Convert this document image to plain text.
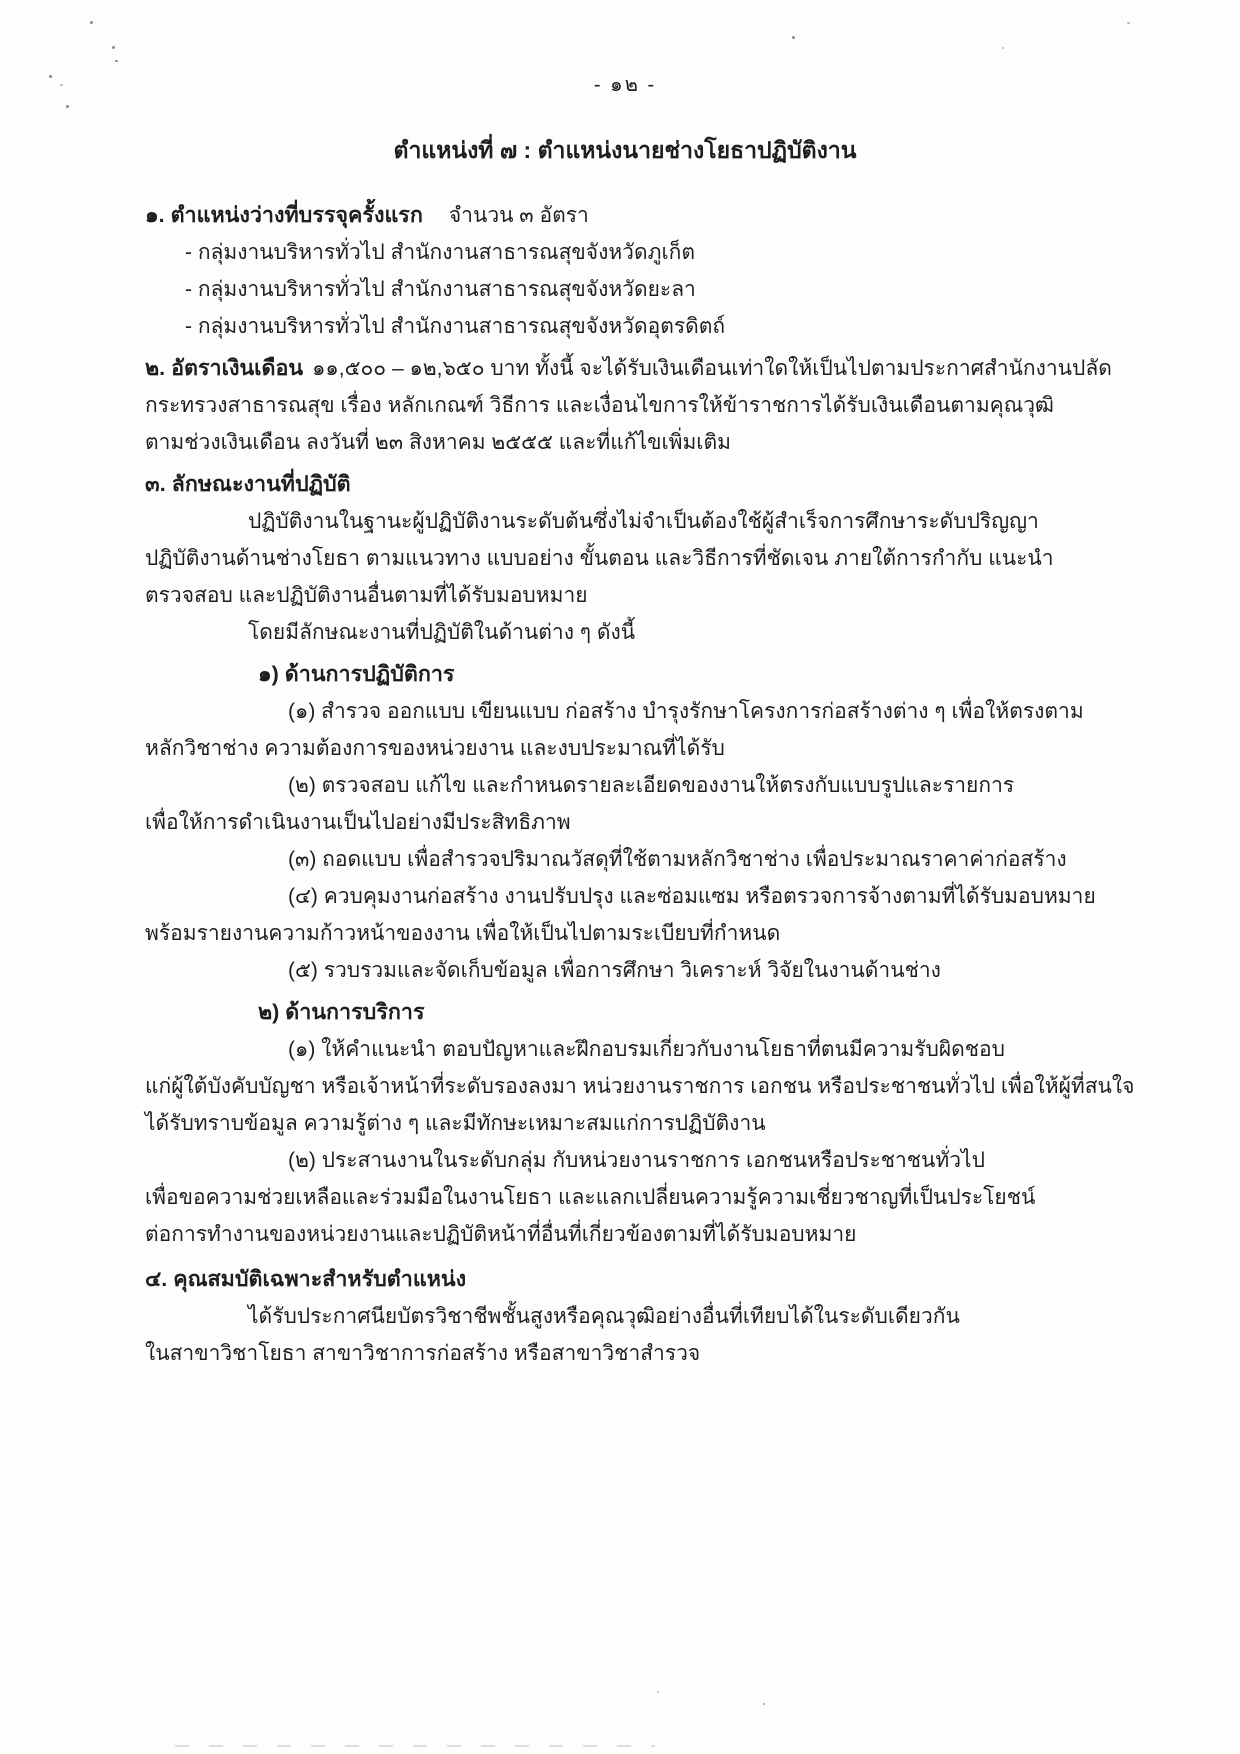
- ๑๒ -
ตำแหน่งที่ ๗ : ตำแหน่งนายช่างโยธาปฏิบัติงาน
๑. ตำแหน่งว่างที่บรรจุครั้งแรก จำนวน ๓ อัตรา
- กลุ่มงานบริหารทั่วไป สำนักงานสาธารณสุขจังหวัดภูเก็ต
- กลุ่มงานบริหารทั่วไป สำนักงานสาธารณสุขจังหวัดยะลา
- กลุ่มงานบริหารทั่วไป สำนักงานสาธารณสุขจังหวัดอุตรดิตถ์
๒. อัตราเงินเดือน ๑๑,๕๐๐ – ๑๒,๖๕๐ บาท ทั้งนี้ จะได้รับเงินเดือนเท่าใดให้เป็นไปตามประกาศสำนักงานปลัด
กระทรวงสาธารณสุข เรื่อง หลักเกณฑ์ วิธีการ และเงื่อนไขการให้ข้าราชการได้รับเงินเดือนตามคุณวุฒิ
ตามช่วงเงินเดือน ลงวันที่ ๒๓ สิงหาคม ๒๕๕๕ และที่แก้ไขเพิ่มเติม
๓. ลักษณะงานที่ปฏิบัติ
ปฏิบัติงานในฐานะผู้ปฏิบัติงานระดับต้นซึ่งไม่จำเป็นต้องใช้ผู้สำเร็จการศึกษาระดับปริญญา
ปฏิบัติงานด้านช่างโยธา ตามแนวทาง แบบอย่าง ขั้นตอน และวิธีการที่ชัดเจน ภายใต้การกำกับ แนะนำ
ตรวจสอบ และปฏิบัติงานอื่นตามที่ได้รับมอบหมาย
โดยมีลักษณะงานที่ปฏิบัติในด้านต่าง ๆ ดังนี้
๑) ด้านการปฏิบัติการ
(๑) สำรวจ ออกแบบ เขียนแบบ ก่อสร้าง บำรุงรักษาโครงการก่อสร้างต่าง ๆ เพื่อให้ตรงตาม
หลักวิชาช่าง ความต้องการของหน่วยงาน และงบประมาณที่ได้รับ
(๒) ตรวจสอบ แก้ไข และกำหนดรายละเอียดของงานให้ตรงกับแบบรูปและรายการ
เพื่อให้การดำเนินงานเป็นไปอย่างมีประสิทธิภาพ
(๓) ถอดแบบ เพื่อสำรวจปริมาณวัสดุที่ใช้ตามหลักวิชาช่าง เพื่อประมาณราคาค่าก่อสร้าง
(๔) ควบคุมงานก่อสร้าง งานปรับปรุง และซ่อมแซม หรือตรวจการจ้างตามที่ได้รับมอบหมาย
พร้อมรายงานความก้าวหน้าของงาน เพื่อให้เป็นไปตามระเบียบที่กำหนด
(๕) รวบรวมและจัดเก็บข้อมูล เพื่อการศึกษา วิเคราะห์ วิจัยในงานด้านช่าง
๒) ด้านการบริการ
(๑) ให้คำแนะนำ ตอบปัญหาและฝึกอบรมเกี่ยวกับงานโยธาที่ตนมีความรับผิดชอบ
แก่ผู้ใต้บังคับบัญชา หรือเจ้าหน้าที่ระดับรองลงมา หน่วยงานราชการ เอกชน หรือประชาชนทั่วไป เพื่อให้ผู้ที่สนใจ
ได้รับทราบข้อมูล ความรู้ต่าง ๆ และมีทักษะเหมาะสมแก่การปฏิบัติงาน
(๒) ประสานงานในระดับกลุ่ม กับหน่วยงานราชการ เอกชนหรือประชาชนทั่วไป
เพื่อขอความช่วยเหลือและร่วมมือในงานโยธา และแลกเปลี่ยนความรู้ความเชี่ยวชาญที่เป็นประโยชน์
ต่อการทำงานของหน่วยงานและปฏิบัติหน้าที่อื่นที่เกี่ยวข้องตามที่ได้รับมอบหมาย
๔. คุณสมบัติเฉพาะสำหรับตำแหน่ง
ได้รับประกาศนียบัตรวิชาชีพชั้นสูงหรือคุณวุฒิอย่างอื่นที่เทียบได้ในระดับเดียวกัน
ในสาขาวิชาโยธา สาขาวิชาการก่อสร้าง หรือสาขาวิชาสำรวจ
